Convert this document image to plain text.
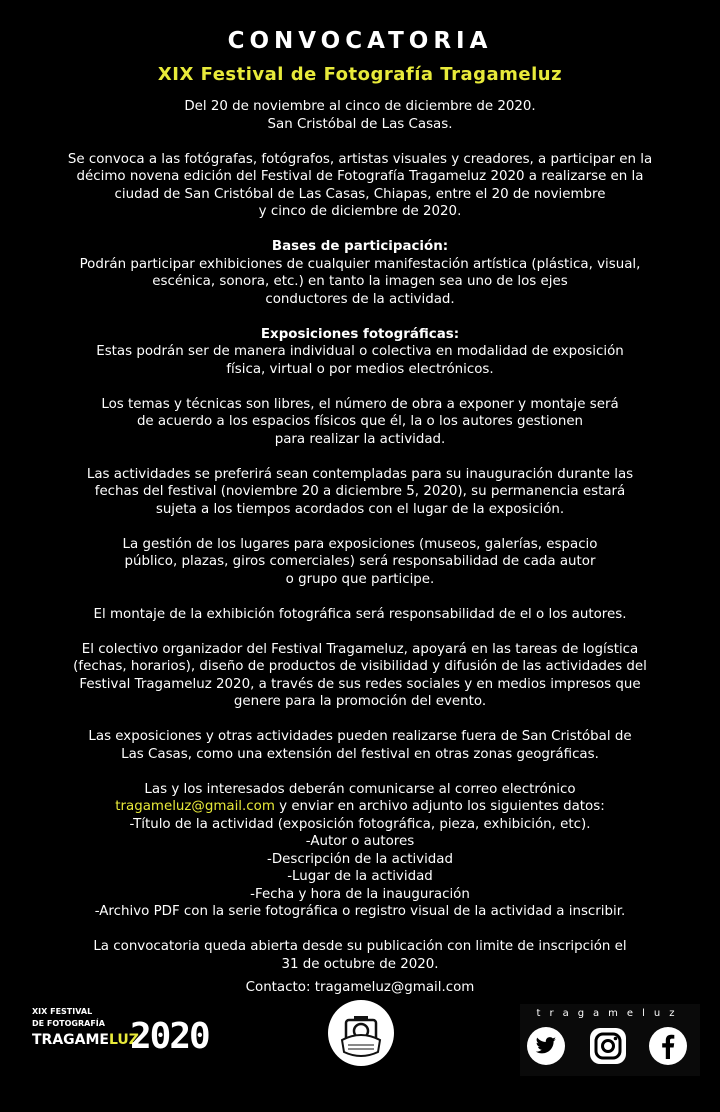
CONVOCATORIA
XIX Festival de Fotografía Tragameluz

Del 20 de noviembre al cinco de diciembre de 2020.
San Cristóbal de Las Casas.

Se convoca a las fotógrafas, fotógrafos, artistas visuales y creadores, a participar en la
décimo novena edición del Festival de Fotografía Tragameluz 2020 a realizarse en la
ciudad de San Cristóbal de Las Casas, Chiapas, entre el 20 de noviembre
y cinco de diciembre de 2020.

Bases de participación:
Podrán participar exhibiciones de cualquier manifestación artística (plástica, visual,
escénica, sonora, etc.) en tanto la imagen sea uno de los ejes
conductores de la actividad.

Exposiciones fotográficas:
Estas podrán ser de manera individual o colectiva en modalidad de exposición
física, virtual o por medios electrónicos.

Los temas y técnicas son libres, el número de obra a exponer y montaje será
de acuerdo a los espacios físicos que él, la o los autores gestionen
para realizar la actividad.

Las actividades se preferirá sean contempladas para su inauguración durante las
fechas del festival (noviembre 20 a diciembre 5, 2020), su permanencia estará
sujeta a los tiempos acordados con el lugar de la exposición.

La gestión de los lugares para exposiciones (museos, galerías, espacio
público, plazas, giros comerciales) será responsabilidad de cada autor
o grupo que participe.

El montaje de la exhibición fotográfica será responsabilidad de el o los autores.

El colectivo organizador del Festival Tragameluz, apoyará en las tareas de logística
(fechas, horarios), diseño de productos de visibilidad y difusión de las actividades del
Festival Tragameluz 2020, a través de sus redes sociales y en medios impresos que
genere para la promoción del evento.

Las exposiciones y otras actividades pueden realizarse fuera de San Cristóbal de
Las Casas, como una extensión del festival en otras zonas geográficas.

Las y los interesados deberán comunicarse al correo electrónico
tragameluz@gmail.com y enviar en archivo adjunto los siguientes datos:
-Título de la actividad (exposición fotográfica, pieza, exhibición, etc).
-Autor o autores
-Descripción de la actividad
-Lugar de la actividad
-Fecha y hora de la inauguración
-Archivo PDF con la serie fotográfica o registro visual de la actividad a inscribir.

La convocatoria queda abierta desde su publicación con limite de inscripción el
31 de octubre de 2020.

Contacto: tragameluz@gmail.com
XIX FESTIVAL
DE FOTOGRAFÍA
TRAGAMELUZ
2020
tragameluz
